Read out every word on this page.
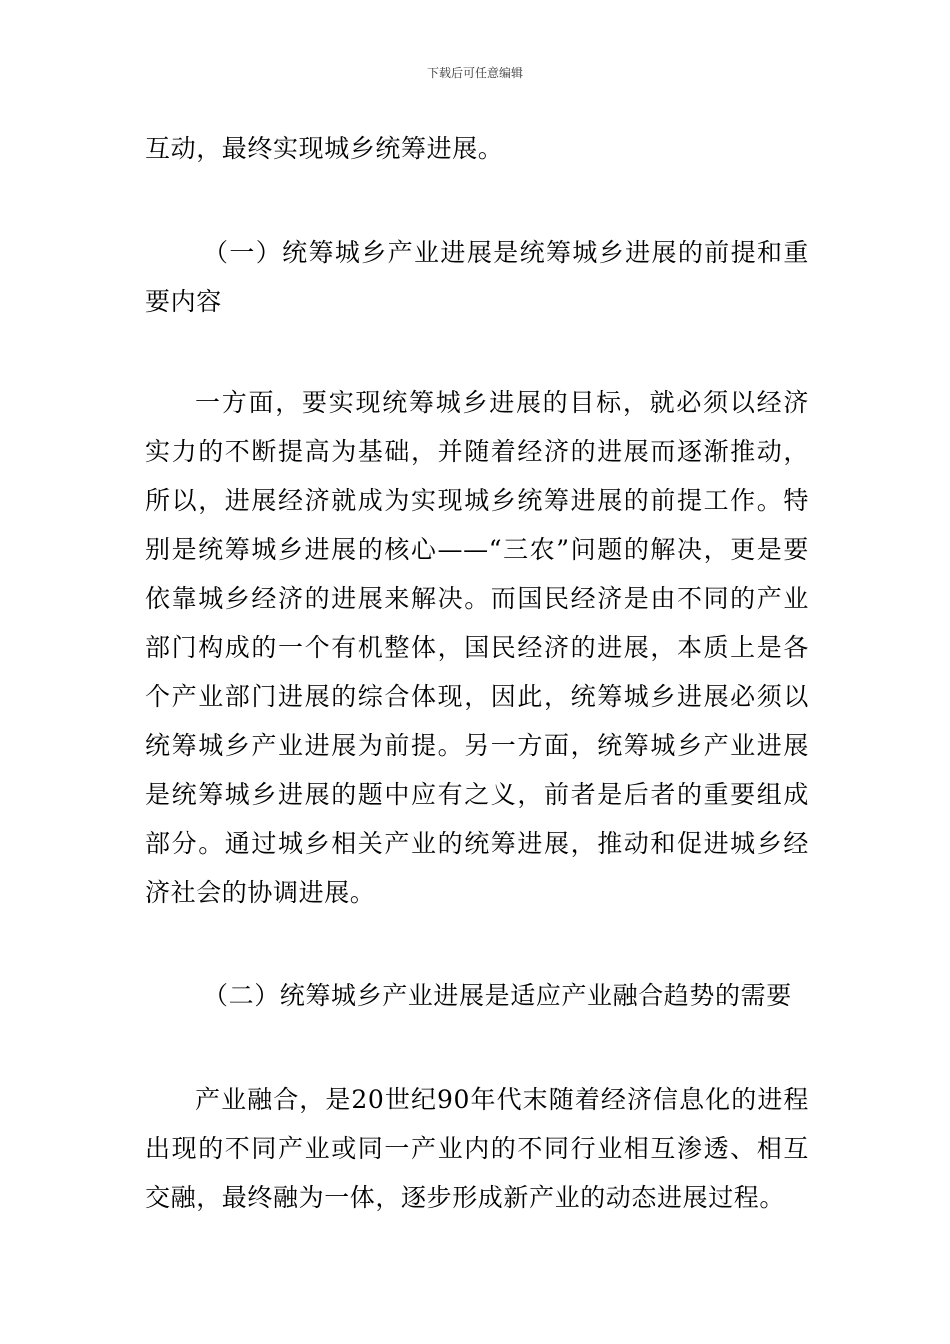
下载后可任意编辑

互动，最终实现城乡统筹进展。

（一）统筹城乡产业进展是统筹城乡进展的前提和重要内容

一方面，要实现统筹城乡进展的目标，就必须以经济实力的不断提高为基础，并随着经济的进展而逐渐推动，所以，进展经济就成为实现城乡统筹进展的前提工作。特别是统筹城乡进展的核心——“三农”问题的解决，更是要依靠城乡经济的进展来解决。而国民经济是由不同的产业部门构成的一个有机整体，国民经济的进展，本质上是各个产业部门进展的综合体现，因此，统筹城乡进展必须以统筹城乡产业进展为前提。另一方面，统筹城乡产业进展是统筹城乡进展的题中应有之义，前者是后者的重要组成部分。通过城乡相关产业的统筹进展，推动和促进城乡经济社会的协调进展。

（二）统筹城乡产业进展是适应产业融合趋势的需要

产业融合，是20世纪90年代末随着经济信息化的进程出现的不同产业或同一产业内的不同行业相互渗透、相互交融，最终融为一体，逐步形成新产业的动态进展过程。
